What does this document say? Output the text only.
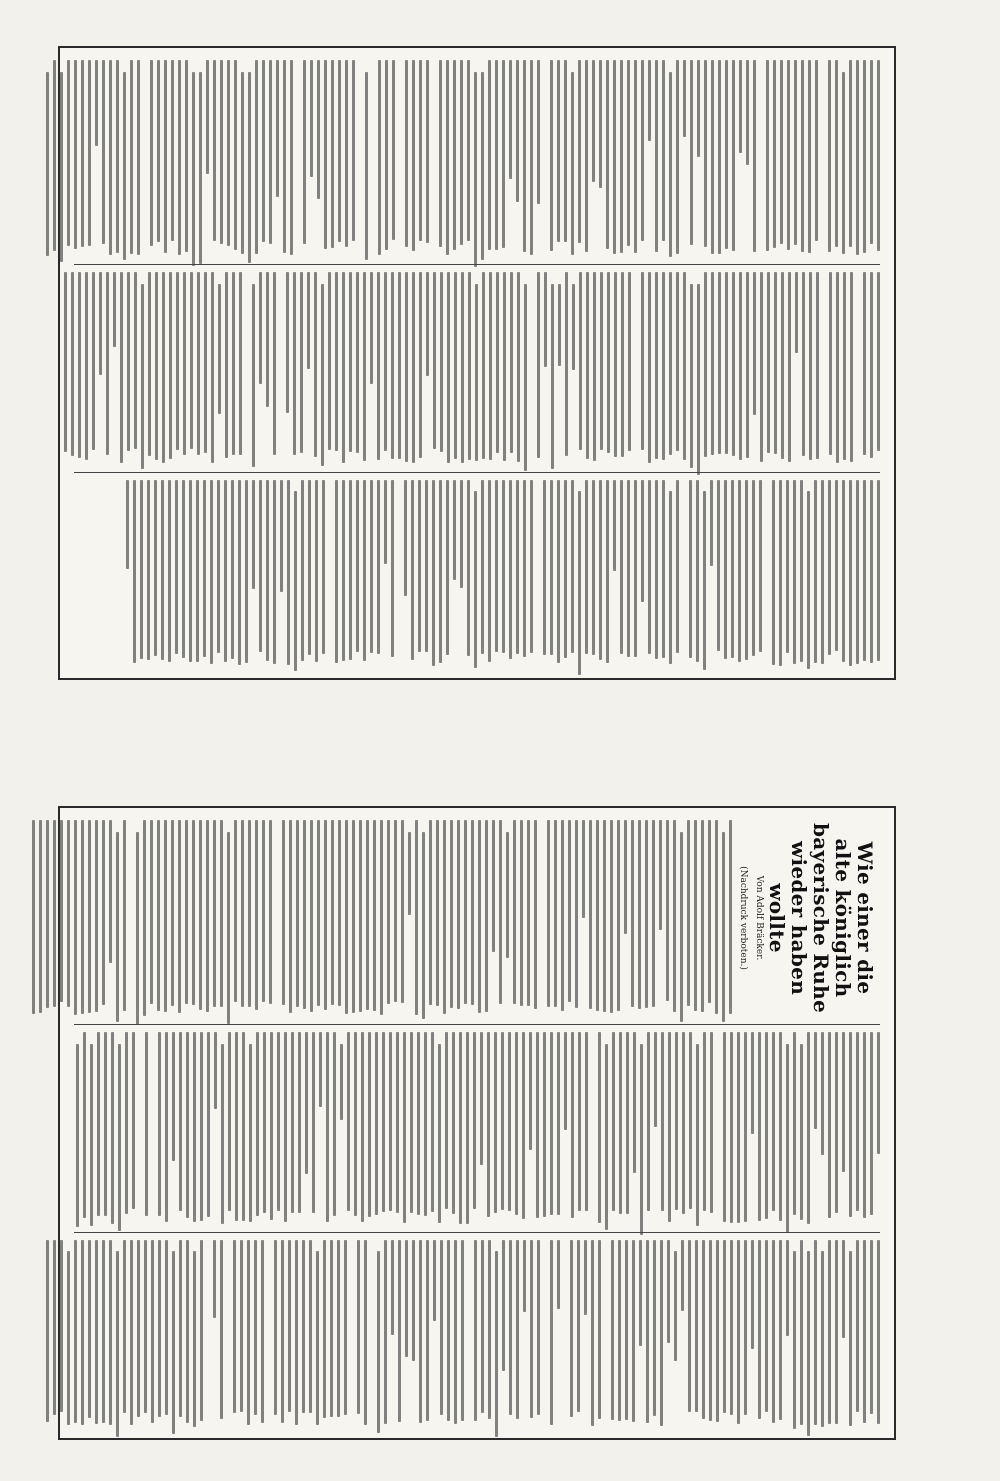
Wie einer die alte königlich bayerische Ruhe wieder haben wollte
Von Adolf Bräcker.
(Nachdruck verboten.)
